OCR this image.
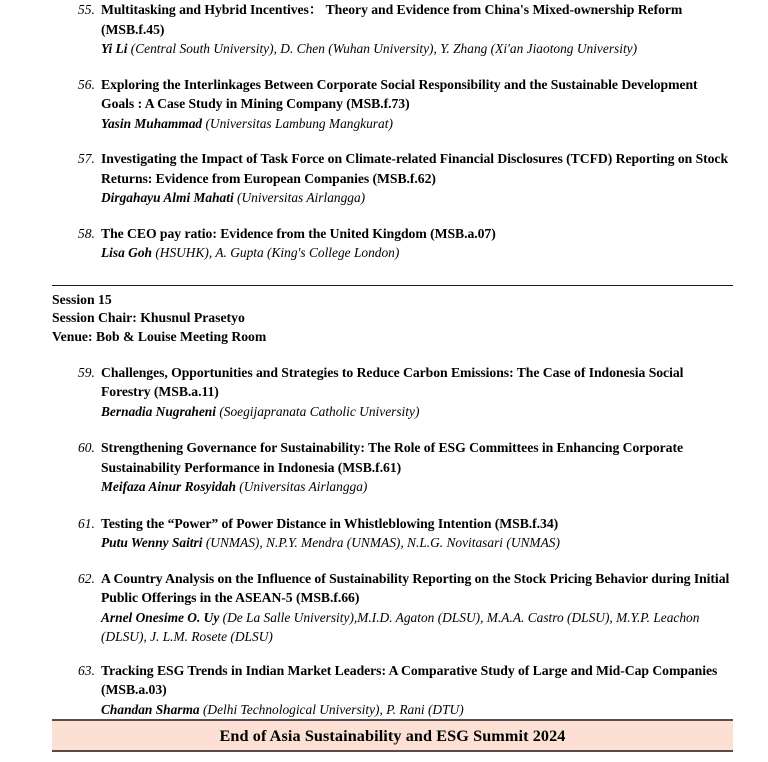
55. Multitasking and Hybrid Incentives： Theory and Evidence from China's Mixed-ownership Reform (MSB.f.45)
Yi Li (Central South University), D. Chen (Wuhan University), Y. Zhang (Xi'an Jiaotong University)
56. Exploring the Interlinkages Between Corporate Social Responsibility and the Sustainable Development Goals : A Case Study in Mining Company (MSB.f.73)
Yasin Muhammad (Universitas Lambung Mangkurat)
57. Investigating the Impact of Task Force on Climate-related Financial Disclosures (TCFD) Reporting on Stock Returns: Evidence from European Companies (MSB.f.62)
Dirgahayu Almi Mahati (Universitas Airlangga)
58. The CEO pay ratio: Evidence from the United Kingdom (MSB.a.07)
Lisa Goh (HSUHK), A. Gupta (King's College London)
Session 15
Session Chair: Khusnul Prasetyo
Venue: Bob & Louise Meeting Room
59. Challenges, Opportunities and Strategies to Reduce Carbon Emissions: The Case of Indonesia Social Forestry (MSB.a.11)
Bernadia Nugraheni (Soegijapranata Catholic University)
60. Strengthening Governance for Sustainability: The Role of ESG Committees in Enhancing Corporate Sustainability Performance in Indonesia (MSB.f.61)
Meifaza Ainur Rosyidah (Universitas Airlangga)
61. Testing the “Power” of Power Distance in Whistleblowing Intention (MSB.f.34)
Putu Wenny Saitri (UNMAS), N.P.Y. Mendra (UNMAS), N.L.G. Novitasari (UNMAS)
62. A Country Analysis on the Influence of Sustainability Reporting on the Stock Pricing Behavior during Initial Public Offerings in the ASEAN-5 (MSB.f.66)
Arnel Onesime O. Uy (De La Salle University),M.I.D. Agaton (DLSU), M.A.A. Castro (DLSU), M.Y.P. Leachon (DLSU), J. L.M. Rosete (DLSU)
63. Tracking ESG Trends in Indian Market Leaders: A Comparative Study of Large and Mid-Cap Companies (MSB.a.03)
Chandan Sharma (Delhi Technological University), P. Rani (DTU)
End of Asia Sustainability and ESG Summit 2024
